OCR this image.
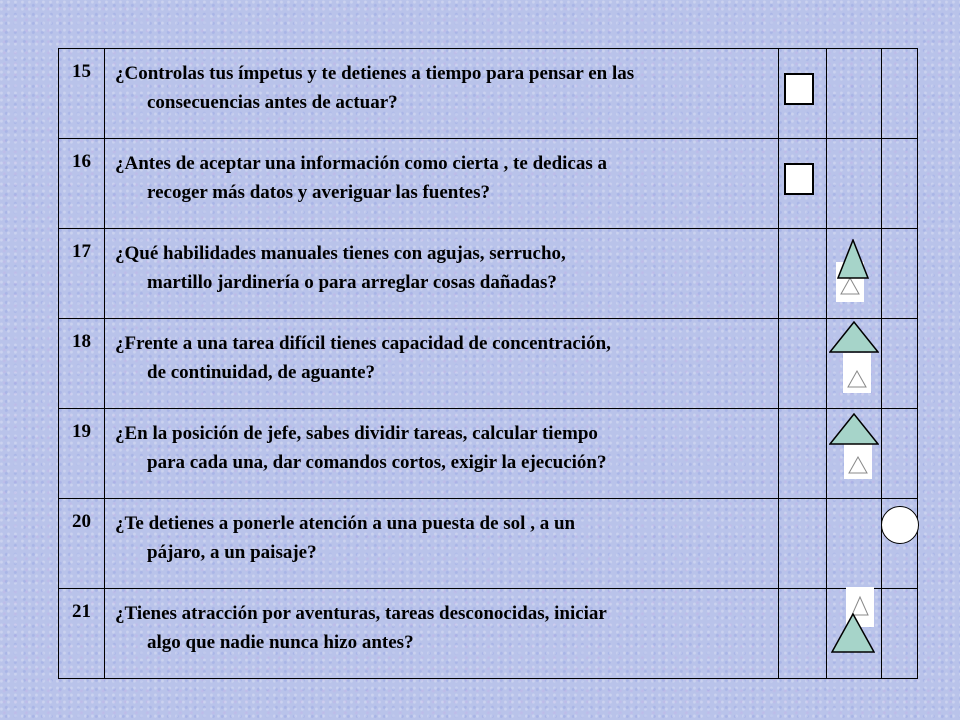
15	¿Controlas tus ímpetus y te detienes a tiempo para pensar en las
consecuencias antes de actuar?			

16	¿Antes de aceptar una información como cierta , te dedicas a
recoger más datos y averiguar las fuentes?			

17	¿Qué habilidades manuales tienes con agujas, serrucho,
martillo jardinería o para arreglar cosas dañadas?

18	¿Frente a una tarea difícil tienes capacidad de concentración,
de continuidad, de aguante?

19	¿En la posición de jefe, sabes dividir tareas, calcular tiempo
para cada una, dar comandos cortos, exigir la ejecución?

20	¿Te detienes a ponerle atención a una puesta de sol , a un
pájaro, a un paisaje?			

21	¿Tienes atracción por aventuras, tareas desconocidas, iniciar
algo que nadie nunca hizo antes?
